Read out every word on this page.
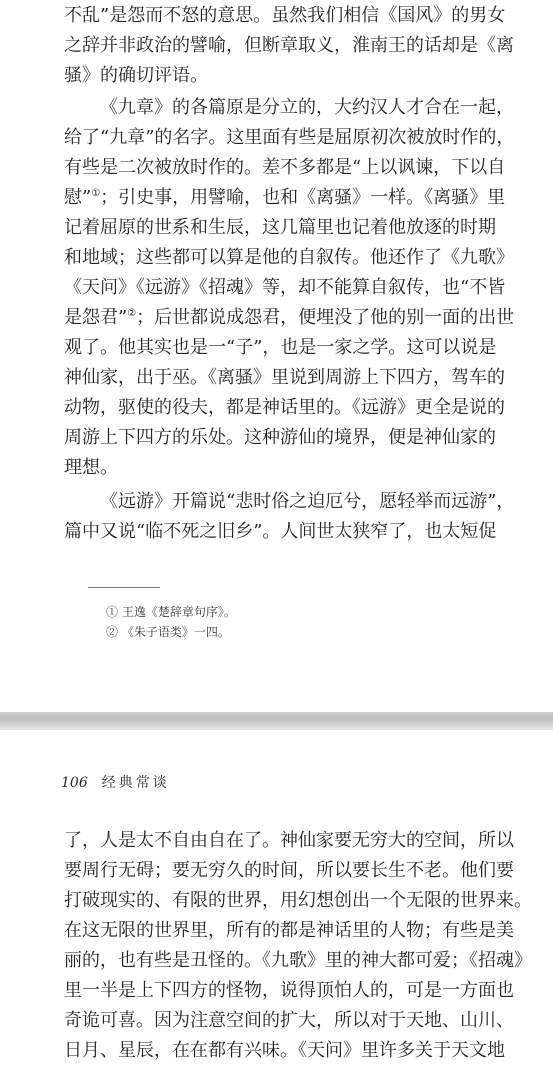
不乱”是怨而不怒的意思。虽然我们相信《国风》的男女
之辞并非政治的譬喻，但断章取义，淮南王的话却是《离
骚》的确切评语。
《九章》的各篇原是分立的，大约汉人才合在一起，
给了“九章”的名字。这里面有些是屈原初次被放时作的，
有些是二次被放时作的。差不多都是“上以讽谏，下以自
慰”①；引史事，用譬喻，也和《离骚》一样。《离骚》里
记着屈原的世系和生辰，这几篇里也记着他放逐的时期
和地域；这些都可以算是他的自叙传。他还作了《九歌》
《天问》《远游》《招魂》等，却不能算自叙传，也“不皆
是怨君”②；后世都说成怨君，便埋没了他的别一面的出世
观了。他其实也是一“子”，也是一家之学。这可以说是
神仙家，出于巫。《离骚》里说到周游上下四方，驾车的
动物，驱使的役夫，都是神话里的。《远游》更全是说的
周游上下四方的乐处。这种游仙的境界，便是神仙家的
理想。
《远游》开篇说“悲时俗之迫厄兮，愿轻举而远游”，
篇中又说“临不死之旧乡”。人间世太狭窄了，也太短促
① 王逸《楚辞章句序》。
② 《朱子语类》一四。
106 经典常谈
了，人是太不自由自在了。神仙家要无穷大的空间，所以
要周行无碍；要无穷久的时间，所以要长生不老。他们要
打破现实的、有限的世界，用幻想创出一个无限的世界来。
在这无限的世界里，所有的都是神话里的人物；有些是美
丽的，也有些是丑怪的。《九歌》里的神大都可爱；《招魂》
里一半是上下四方的怪物，说得顶怕人的，可是一方面也
奇诡可喜。因为注意空间的扩大，所以对于天地、山川、
日月、星辰，在在都有兴味。《天问》里许多关于天文地
